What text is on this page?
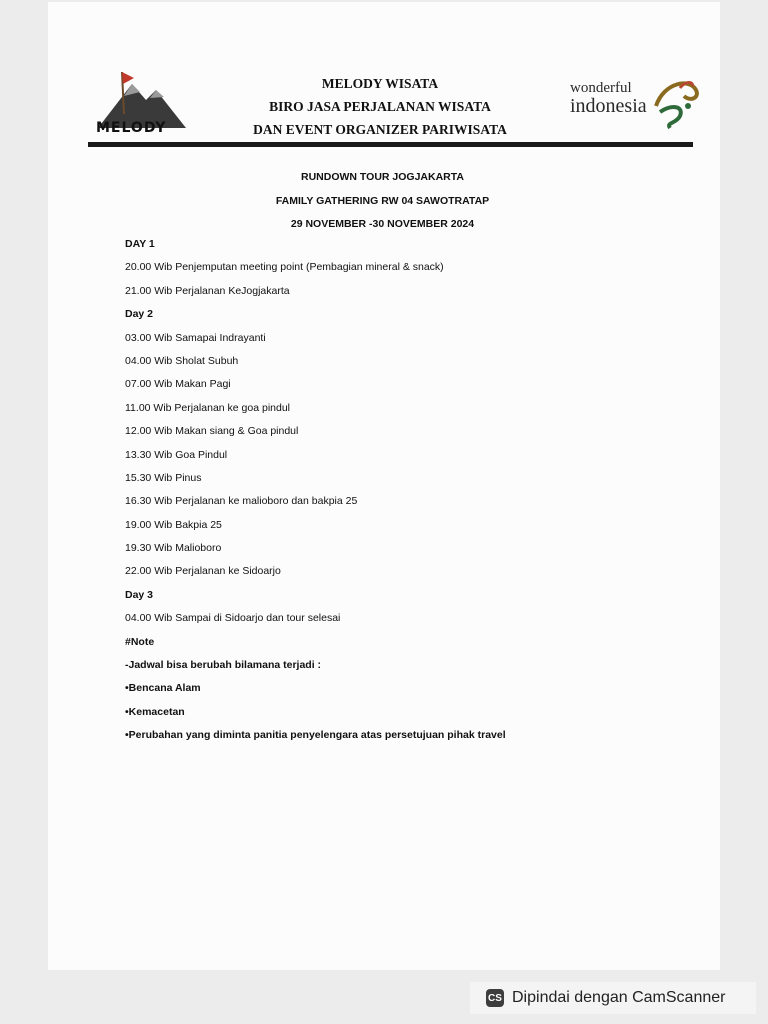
MELODY
MELODY WISATA
BIRO JASA PERJALANAN WISATA
DAN EVENT ORGANIZER PARIWISATA
wonderful
indonesia
RUNDOWN TOUR JOGJAKARTA
FAMILY GATHERING RW 04 SAWOTRATAP
29 NOVEMBER -30 NOVEMBER 2024
DAY 1
20.00 Wib Penjemputan meeting point (Pembagian mineral & snack)
21.00 Wib Perjalanan KeJogjakarta
Day 2
03.00 Wib Samapai Indrayanti
04.00 Wib Sholat Subuh
07.00 Wib Makan Pagi
11.00 Wib Perjalanan ke goa pindul
12.00 Wib Makan siang & Goa pindul
13.30 Wib Goa Pindul
15.30 Wib Pinus
16.30 Wib Perjalanan ke malioboro dan bakpia 25
19.00 Wib Bakpia 25
19.30 Wib Malioboro
22.00 Wib Perjalanan ke Sidoarjo
Day 3
04.00 Wib Sampai di Sidoarjo dan tour selesai
#Note
-Jadwal bisa berubah bilamana terjadi :
•Bencana Alam
•Kemacetan
•Perubahan yang diminta panitia penyelengara atas persetujuan pihak travel
CS Dipindai dengan CamScanner
